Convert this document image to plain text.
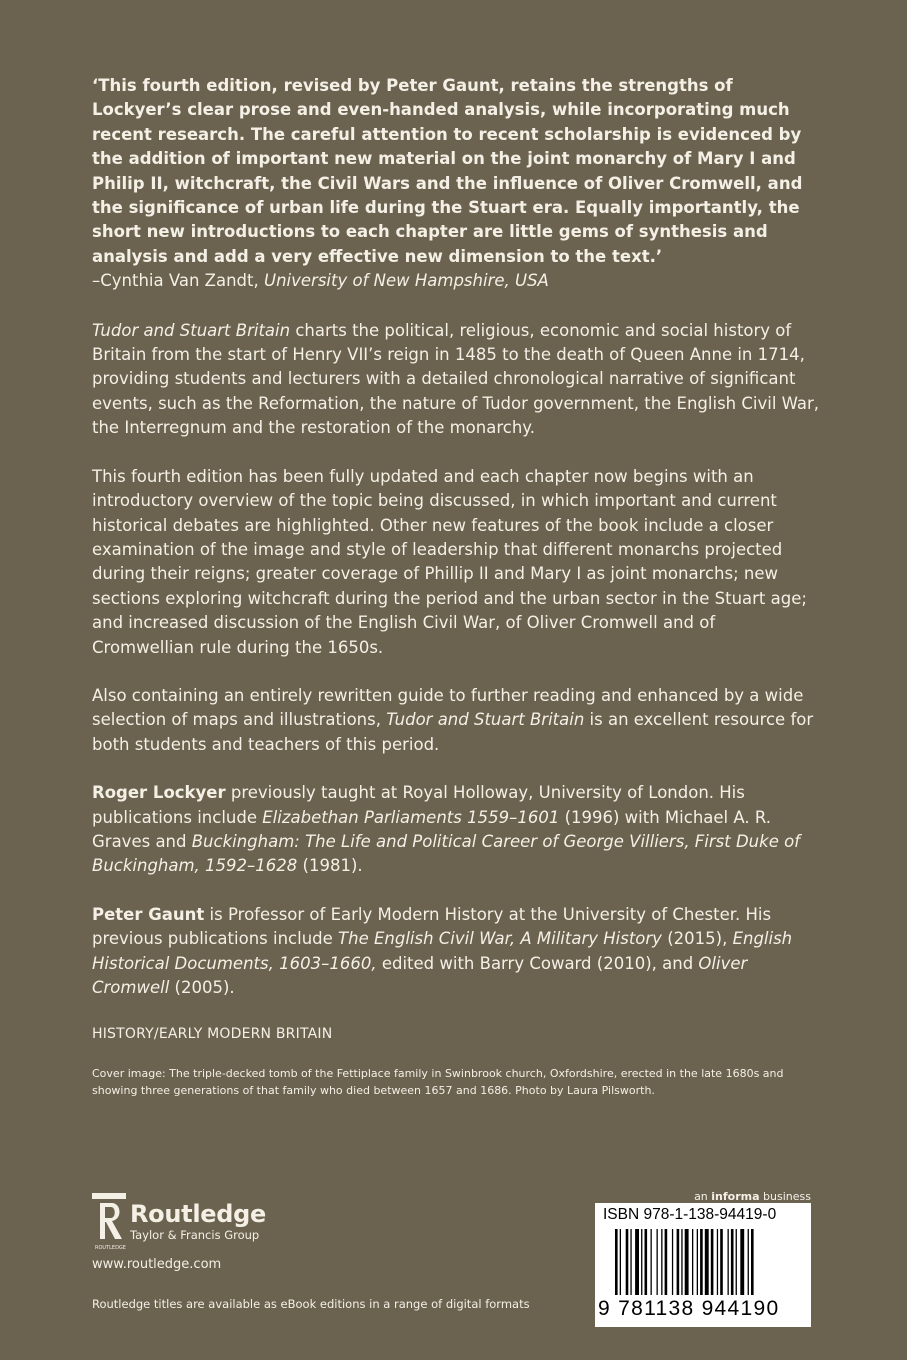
‘This fourth edition, revised by Peter Gaunt, retains the strengths of Lockyer’s clear prose and even-handed analysis, while incorporating much recent research. The careful attention to recent scholarship is evidenced by the addition of important new material on the joint monarchy of Mary I and Philip II, witchcraft, the Civil Wars and the influence of Oliver Cromwell, and the significance of urban life during the Stuart era. Equally importantly, the short new introductions to each chapter are little gems of synthesis and analysis and add a very effective new dimension to the text.’

–Cynthia Van Zandt, University of New Hampshire, USA

Tudor and Stuart Britain charts the political, religious, economic and social history of Britain from the start of Henry VII’s reign in 1485 to the death of Queen Anne in 1714, providing students and lecturers with a detailed chronological narrative of significant events, such as the Reformation, the nature of Tudor government, the English Civil War, the Interregnum and the restoration of the monarchy.

This fourth edition has been fully updated and each chapter now begins with an introductory overview of the topic being discussed, in which important and current historical debates are highlighted. Other new features of the book include a closer examination of the image and style of leadership that different monarchs projected during their reigns; greater coverage of Phillip II and Mary I as joint monarchs; new sections exploring witchcraft during the period and the urban sector in the Stuart age; and increased discussion of the English Civil War, of Oliver Cromwell and of Cromwellian rule during the 1650s.

Also containing an entirely rewritten guide to further reading and enhanced by a wide selection of maps and illustrations, Tudor and Stuart Britain is an excellent resource for both students and teachers of this period.

Roger Lockyer previously taught at Royal Holloway, University of London. His publications include Elizabethan Parliaments 1559–1601 (1996) with Michael A. R. Graves and Buckingham: The Life and Political Career of George Villiers, First Duke of Buckingham, 1592–1628 (1981).

Peter Gaunt is Professor of Early Modern History at the University of Chester. His previous publications include The English Civil War, A Military History (2015), English Historical Documents, 1603–1660, edited with Barry Coward (2010), and Oliver Cromwell (2005).

HISTORY/EARLY MODERN BRITAIN

Cover image: The triple-decked tomb of the Fettiplace family in Swinbrook church, Oxfordshire, erected in the late 1680s and showing three generations of that family who died between 1657 and 1686. Photo by Laura Pilsworth.

ROUTLEDGE
Routledge
Taylor & Francis Group
www.routledge.com
Routledge titles are available as eBook editions in a range of digital formats
an informa business
ISBN 978-1-138-94419-0
9 781138 944190
